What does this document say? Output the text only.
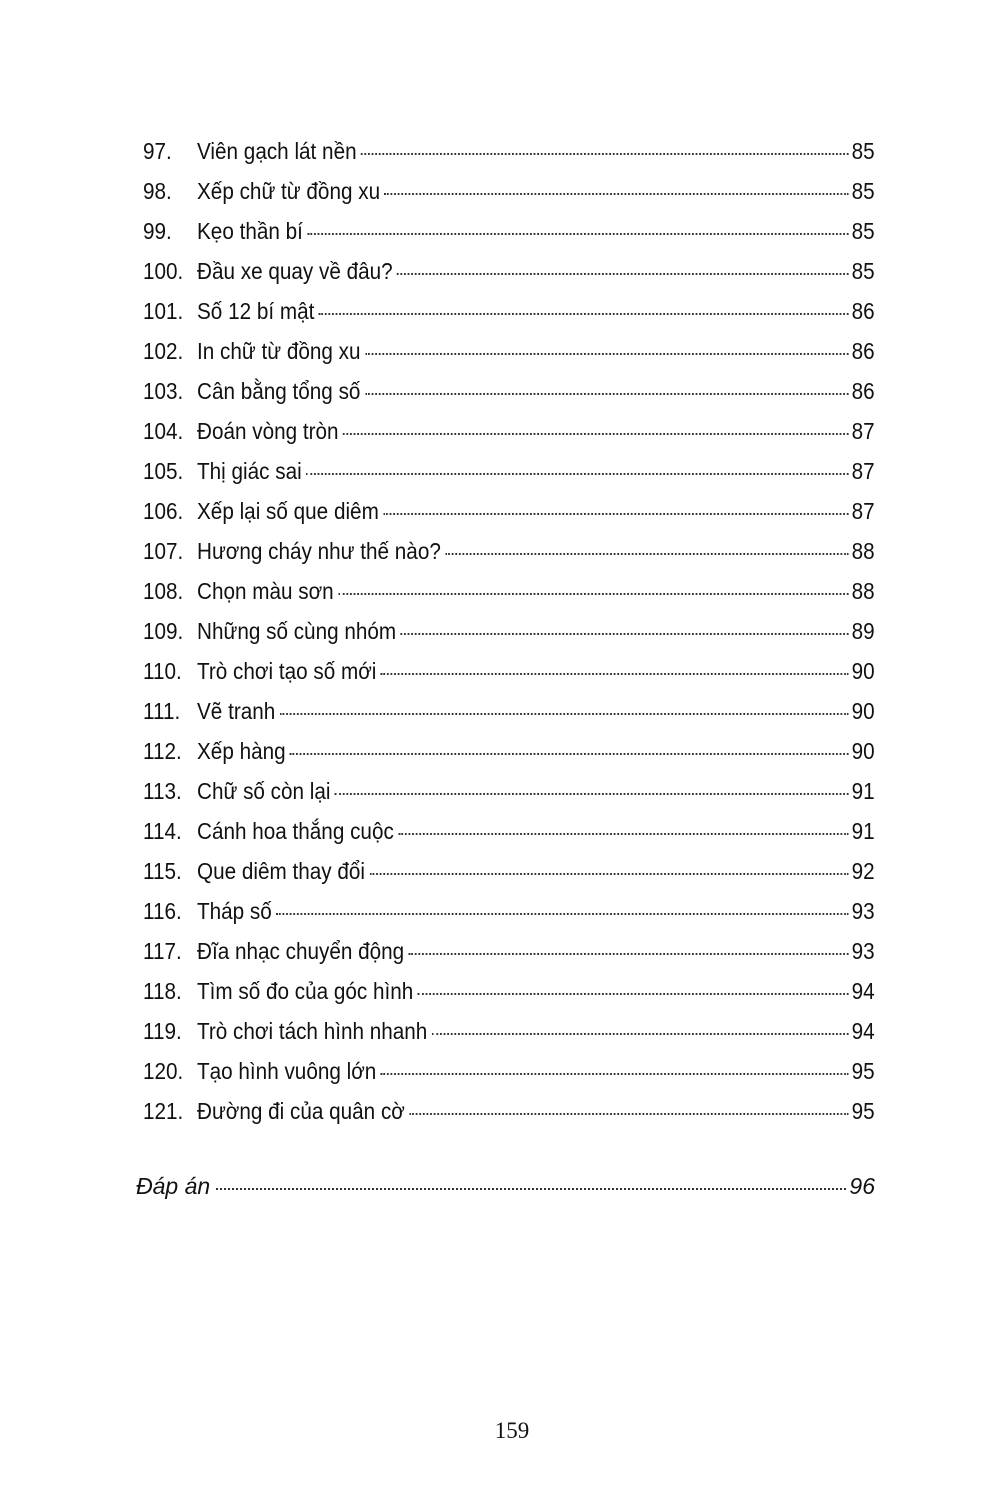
97.	Viên gạch lát nền	85
98.	Xếp chữ từ đồng xu	85
99.	Kẹo thần bí	85
100. Đầu xe quay về đâu?	85
101. Số 12 bí mật	86
102. In chữ từ đồng xu	86
103. Cân bằng tổng số	86
104. Đoán vòng tròn	87
105. Thị giác sai	87
106. Xếp lại số que diêm	87
107. Hương cháy như thế nào?	88
108. Chọn màu sơn	88
109. Những số cùng nhóm	89
110. Trò chơi tạo số mới	90
111. Vẽ tranh	90
112. Xếp hàng	90
113. Chữ số còn lại	91
114. Cánh hoa thắng cuộc	91
115. Que diêm thay đổi	92
116. Tháp số	93
117. Đĩa nhạc chuyển động	93
118. Tìm số đo của góc hình	94
119. Trò chơi tách hình nhanh	94
120. Tạo hình vuông lớn	95
121. Đường đi của quân cờ	95
Đáp án	96
159
